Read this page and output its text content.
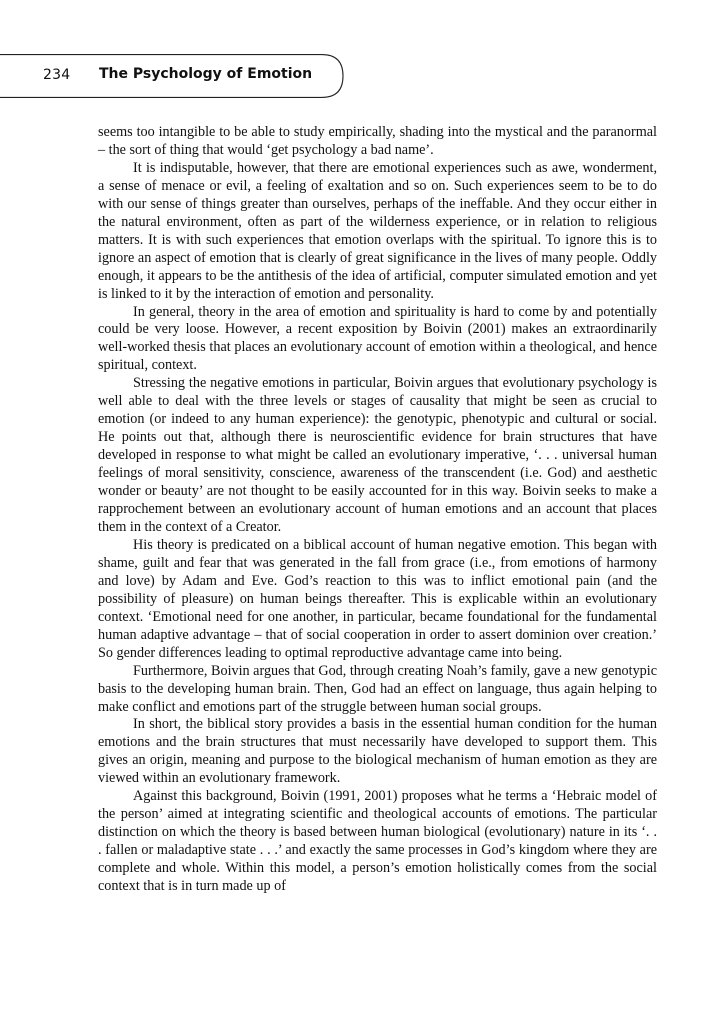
234 The Psychology of Emotion

seems too intangible to be able to study empirically, shading into the mystical and the paranormal – the sort of thing that would ‘get psychology a bad name’.

It is indisputable, however, that there are emotional experiences such as awe, wonderment, a sense of menace or evil, a feeling of exaltation and so on. Such experiences seem to be to do with our sense of things greater than ourselves, perhaps of the ineffable. And they occur either in the natural environment, often as part of the wilderness experience, or in relation to religious matters. It is with such experiences that emotion overlaps with the spiritual. To ignore this is to ignore an aspect of emotion that is clearly of great significance in the lives of many people. Oddly enough, it appears to be the antithesis of the idea of artificial, computer simulated emotion and yet is linked to it by the interaction of emotion and personality.

In general, theory in the area of emotion and spirituality is hard to come by and potentially could be very loose. However, a recent exposition by Boivin (2001) makes an extraordinarily well-worked thesis that places an evolutionary account of emotion within a theological, and hence spiritual, context.

Stressing the negative emotions in particular, Boivin argues that evolutionary psychology is well able to deal with the three levels or stages of causality that might be seen as crucial to emotion (or indeed to any human experience): the genotypic, phenotypic and cultural or social. He points out that, although there is neuroscientific evidence for brain structures that have developed in response to what might be called an evolutionary imperative, ‘. . . universal human feelings of moral sensitivity, conscience, awareness of the transcendent (i.e. God) and aesthetic wonder or beauty’ are not thought to be easily accounted for in this way. Boivin seeks to make a rapprochement between an evolutionary account of human emotions and an account that places them in the context of a Creator.

His theory is predicated on a biblical account of human negative emotion. This began with shame, guilt and fear that was generated in the fall from grace (i.e., from emotions of harmony and love) by Adam and Eve. God’s reaction to this was to inflict emotional pain (and the possibility of pleasure) on human beings thereafter. This is explicable within an evolutionary context. ‘Emotional need for one another, in particular, became foundational for the fundamental human adaptive advantage – that of social cooperation in order to assert dominion over creation.’ So gender differences leading to optimal reproductive advantage came into being.

Furthermore, Boivin argues that God, through creating Noah’s family, gave a new genotypic basis to the developing human brain. Then, God had an effect on language, thus again helping to make conflict and emotions part of the struggle between human social groups.

In short, the biblical story provides a basis in the essential human condition for the human emotions and the brain structures that must necessarily have developed to support them. This gives an origin, meaning and purpose to the biological mechanism of human emotion as they are viewed within an evolutionary framework.

Against this background, Boivin (1991, 2001) proposes what he terms a ‘Hebraic model of the person’ aimed at integrating scientific and theological accounts of emotions. The particular distinction on which the theory is based between human biological (evolutionary) nature in its ‘. . . fallen or maladaptive state . . .’ and exactly the same processes in God’s kingdom where they are complete and whole. Within this model, a person’s emotion holistically comes from the social context that is in turn made up of
